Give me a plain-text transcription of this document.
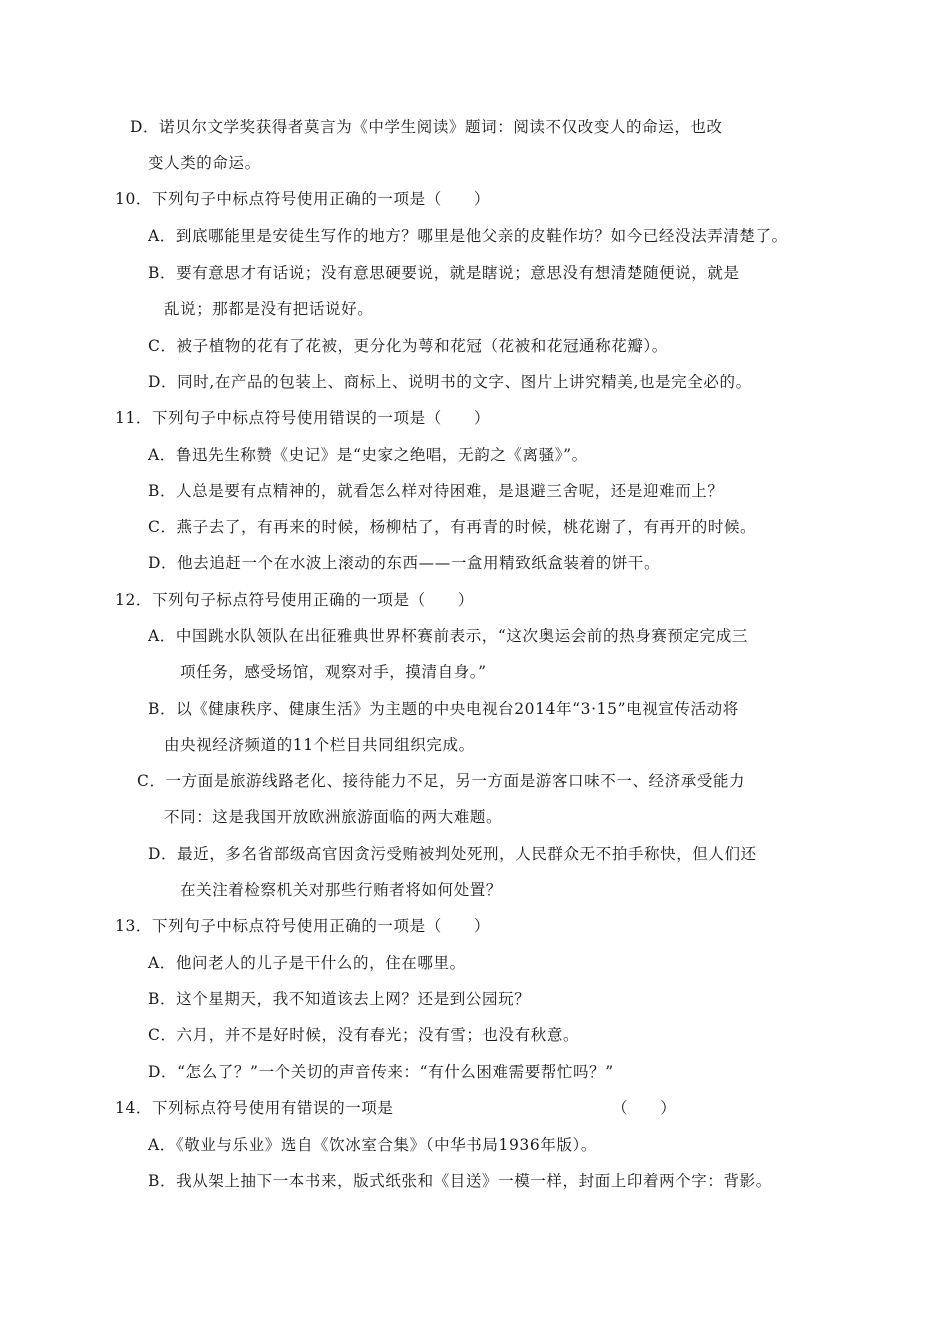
D．诺贝尔文学奖获得者莫言为《中学生阅读》题词：阅读不仅改变人的命运，也改
变人类的命运。
10．下列句子中标点符号使用正确的一项是（　　）
A．到底哪能里是安徒生写作的地方？哪里是他父亲的皮鞋作坊？如今已经没法弄清楚了。
B．要有意思才有话说；没有意思硬要说，就是瞎说；意思没有想清楚随便说，就是
乱说；那都是没有把话说好。
C．被子植物的花有了花被，更分化为萼和花冠（花被和花冠通称花瓣）。
D．同时,在产品的包装上、商标上、说明书的文字、图片上讲究精美,也是完全必的。
11．下列句子中标点符号使用错误的一项是（　　）
A．鲁迅先生称赞《史记》是“史家之绝唱，无韵之《离骚》”。
B．人总是要有点精神的，就看怎么样对待困难，是退避三舍呢，还是迎难而上？
C．燕子去了，有再来的时候，杨柳枯了，有再青的时候，桃花谢了，有再开的时候。
D．他去追赶一个在水波上滚动的东西——一盒用精致纸盒装着的饼干。
12．下列句子标点符号使用正确的一项是（　　）
A．中国跳水队领队在出征雅典世界杯赛前表示，“这次奥运会前的热身赛预定完成三
项任务，感受场馆，观察对手，摸清自身。”
B．以《健康秩序、健康生活》为主题的中央电视台2014年“3·15”电视宣传活动将
由央视经济频道的11个栏目共同组织完成。
C．一方面是旅游线路老化、接待能力不足，另一方面是游客口味不一、经济承受能力
不同：这是我国开放欧洲旅游面临的两大难题。
D．最近，多名省部级高官因贪污受贿被判处死刑，人民群众无不拍手称快，但人们还
在关注着检察机关对那些行贿者将如何处置？
13．下列句子中标点符号使用正确的一项是（　　）
A．他问老人的儿子是干什么的，住在哪里。
B．这个星期天，我不知道该去上网？还是到公园玩？
C．六月，并不是好时候，没有春光；没有雪；也没有秋意。
D．“怎么了？”一个关切的声音传来：“有什么困难需要帮忙吗？”
14．下列标点符号使用有错误的一项是	（　　）
A．《敬业与乐业》选自《饮冰室合集》（中华书局1936年版）。
B．我从架上抽下一本书来，版式纸张和《目送》一模一样，封面上印着两个字：背影。
